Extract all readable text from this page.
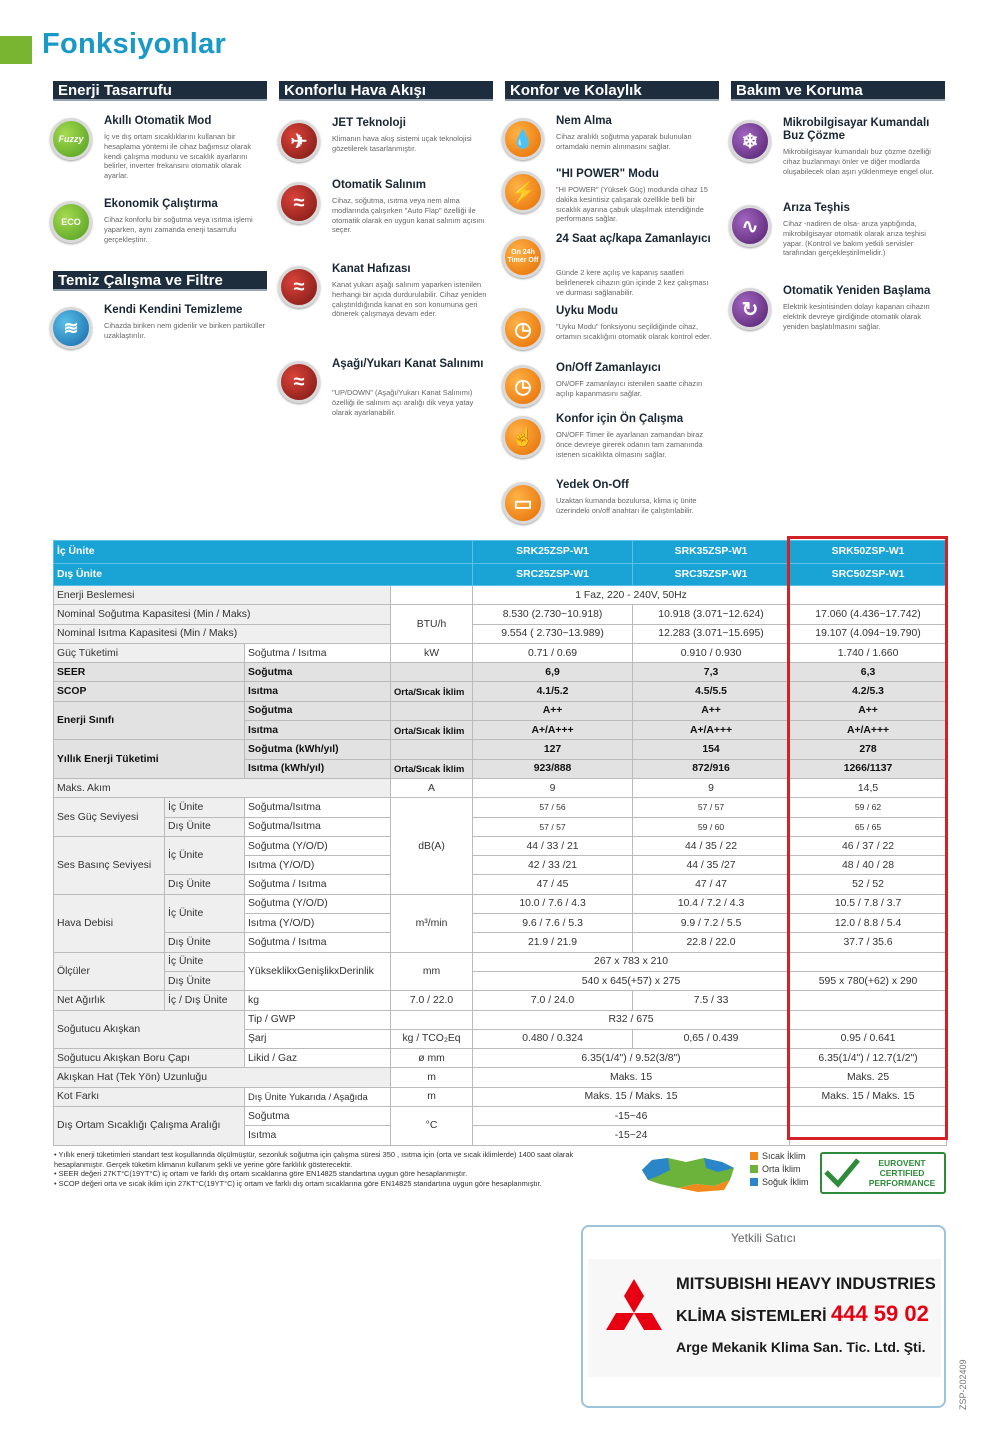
Fonksiyonlar
Enerji Tasarrufu	Konforlu Hava Akışı	Konfor ve Kolaylık	Bakım ve Koruma
Temiz Çalışma ve Filtre
Fuzzy
Akıllı Otomatik Mod
İç ve dış ortam sıcaklıklarını kullanan bir hesaplama yöntemi ile cihaz bağımsız olarak kendi çalışma modunu ve sıcaklık ayarlarını belirler, inverter frekansını otomatik olarak ayarlar.
ECO
Ekonomik Çalıştırma
Cihaz konforlu bir soğutma veya ısıtma işlemi yaparken, aynı zamanda enerji tasarrufu gerçekleştirir.
≋
Kendi Kendini Temizleme
Cihazda biriken nem giderilir ve biriken partiküller uzaklaştırılır.
✈
JET Teknoloji
Klimanın hava akış sistemi uçak teknolojisi gözetilerek tasarlanmıştır.
≈
Otomatik Salınım
Cihaz, soğutma, ısıtma veya nem alma modlarında çalışırken "Auto Flap" özelliği ile otomatik olarak en uygun kanat salınım açısını seçer.
≈
Kanat Hafızası
Kanat yukarı aşağı salınım yaparken istenilen herhangi bir açıda durdurulabilir. Cihaz yeniden çalıştırıldığında kanat en son konumuna geri dönerek çalışmaya devam eder.
≈
Aşağı/Yukarı Kanat Salınımı
"UP/DOWN" (Aşağı/Yukarı Kanat Salınımı) özelliği ile salınım açı aralığı dik veya yatay olarak ayarlanabilir.
💧
Nem Alma
Cihaz aralıklı soğutma yaparak bulunulan ortamdaki nemin alınmasını sağlar.
⚡
"HI POWER" Modu
"HI POWER" (Yüksek Güç) modunda cihaz 15 dakika kesintisiz çalışarak özellikle belli bir sıcaklık ayarına çabuk ulaşılmak istendiğinde performans sağlar.
On 24h Timer Off
24 Saat aç/kapa Zamanlayıcı
Günde 2 kere açılış ve kapanış saatleri belirlenerek cihazın gün içinde 2 kez çalışması ve durması sağlanabilir.
◷
Uyku Modu
"Uyku Modu" fonksiyonu seçildiğinde cihaz, ortamın sıcaklığını otomatik olarak kontrol eder.
◷
On/Off Zamanlayıcı
ON/OFF zamanlayıcı istenilen saatte cihazın açılıp kapanmasını sağlar.
☝
Konfor için Ön Çalışma
ON/OFF Timer ile ayarlanan zamandan biraz önce devreye girerek odanın tam zamanında istenen sıcaklıkta olmasını sağlar.
▭
Yedek On-Off
Uzaktan kumanda bozulursa, klima iç ünite üzerindeki on/off anahtarı ile çalıştırılabilir.
❄
Mikrobilgisayar Kumandalı Buz Çözme
Mikrobilgisayar kumandalı buz çözme özelliği cihaz buzlanmayı önler ve diğer modlarda oluşabilecek olan aşırı yüklenmeye engel olur.
∿
Arıza Teşhis
Cihaz -nadiren de olsa- arıza yaptığında, mikrobilgisayar otomatik olarak arıza teşhisi yapar. (Kontrol ve bakım yetkili servisler tarafından gerçekleştirilmelidir.)
↻
Otomatik Yeniden Başlama
Elektrik kesintisinden dolayı kapanan cihazın elektrik devreye girdiğinde otomatik olarak yeniden başlatılmasını sağlar.
İç Ünite				SRK25ZSP-W1	SRK35ZSP-W1	SRK50ZSP-W1
Dış Ünite				SRC25ZSP-W1	SRC35ZSP-W1	SRC50ZSP-W1
Enerji Beslemesi				1 Faz, 220 - 240V, 50Hz		
Nominal Soğutma Kapasitesi (Min / Maks)			BTU/h	8.530 (2.730~10.918)	10.918 (3.071~12.624)	17.060 (4.436~17.742)
Nominal Isıtma Kapasitesi (Min / Maks)				9.554 ( 2.730~13.989)	12.283 (3.071~15.695)	19.107 (4.094~19.790)
Güç Tüketimi		Soğutma / Isıtma	kW	0.71 / 0.69	0.910 / 0.930	1.740 / 1.660
SEER		Soğutma		6,9	7,3	6,3
SCOP		Isıtma	Orta/Sıcak İklim	4.1/5.2	4.5/5.5	4.2/5.3
Enerji Sınıfı		Soğutma		A++	A++	A++
		Isıtma	Orta/Sıcak İklim	A+/A+++	A+/A+++	A+/A+++
Yıllık Enerji Tüketimi		Soğutma (kWh/yıl)		127	154	278
		Isıtma (kWh/yıl)	Orta/Sıcak İklim	923/888	872/916	1266/1137
Maks. Akım			A	9	9	14,5
Ses Güç Seviyesi	İç Ünite	Soğutma/Isıtma	dB(A)	57 / 56	57 / 57	59 / 62
	Dış Ünite	Soğutma/Isıtma		57 / 57	59 / 60	65 / 65
Ses Basınç Seviyesi	İç Ünite	Soğutma (Y/O/D)		44 / 33 / 21	44 / 35 / 22	46 / 37 / 22
		Isıtma (Y/O/D)		42 / 33 /21	44 / 35 /27	48 / 40 / 28
	Dış Ünite	Soğutma / Isıtma		47 / 45	47 / 47	52 / 52
Hava Debisi	İç Ünite	Soğutma (Y/O/D)	m³/min	10.0 / 7.6 / 4.3	10.4 / 7.2 / 4.3	10.5 / 7.8 / 3.7
		Isıtma (Y/O/D)		9.6 / 7.6 / 5.3	9.9 / 7.2 / 5.5	12.0 / 8.8 / 5.4
	Dış Ünite	Soğutma / Isıtma		21.9 / 21.9	22.8 / 22.0	37.7 / 35.6
Ölçüler	İç Ünite	YükseklikxGenişlikxDerinlik	mm	267 x 783 x 210		
	Dış Ünite			540 x 645(+57) x 275		595 x 780(+62) x 290
Net Ağırlık	İç / Dış Ünite	kg	7.0 / 22.0	7.0 / 24.0	7.5 / 33	
Soğutucu Akışkan		Tip / GWP		R32 / 675		
		Şarj	kg / TCO₂Eq	0.480 / 0.324	0,65 / 0.439	0.95 / 0.641
Soğutucu Akışkan Boru Çapı		Likid / Gaz	ø mm	6.35(1/4") / 9.52(3/8")		6.35(1/4") / 12.7(1/2")
Akışkan Hat (Tek Yön) Uzunluğu			m	Maks. 15		Maks. 25
Kot Farkı		Dış Ünite Yukarıda / Aşağıda	m	Maks. 15 / Maks. 15		Maks. 15 / Maks. 15
Dış Ortam Sıcaklığı Çalışma Aralığı		Soğutma	°C	-15~46		
		Isıtma		-15~24		
• Yıllık enerji tüketimleri standart test koşullarında ölçülmüştür, sezonluk soğutma için çalışma süresi 350 , ısıtma için (orta ve sıcak iklimlerde) 1400 saat olarak hesaplanmıştır. Gerçek tüketim klimanın kullanım şekli ve yerine göre farklılık gösterecektir.
• SEER değeri 27KT°C(19YT°C) iç ortam ve farklı dış ortam sıcaklarına göre EN14825 standartına uygun göre hesaplanmıştır.
• SCOP değeri orta ve sıcak iklim için 27KT°C(19YT°C) iç ortam ve farklı dış ortam sıcaklarına göre EN14825 standartına uygun göre hesaplanmıştır.
Sıcak İklim
Orta İklim
Soğuk İklim
EUROVENT
CERTIFIED
PERFORMANCE
Yetkili Satıcı
MITSUBISHI HEAVY INDUSTRIES
KLİMA SİSTEMLERİ 444 59 02
Arge Mekanik Klima San. Tic. Ltd. Şti.
ZSP-202409
